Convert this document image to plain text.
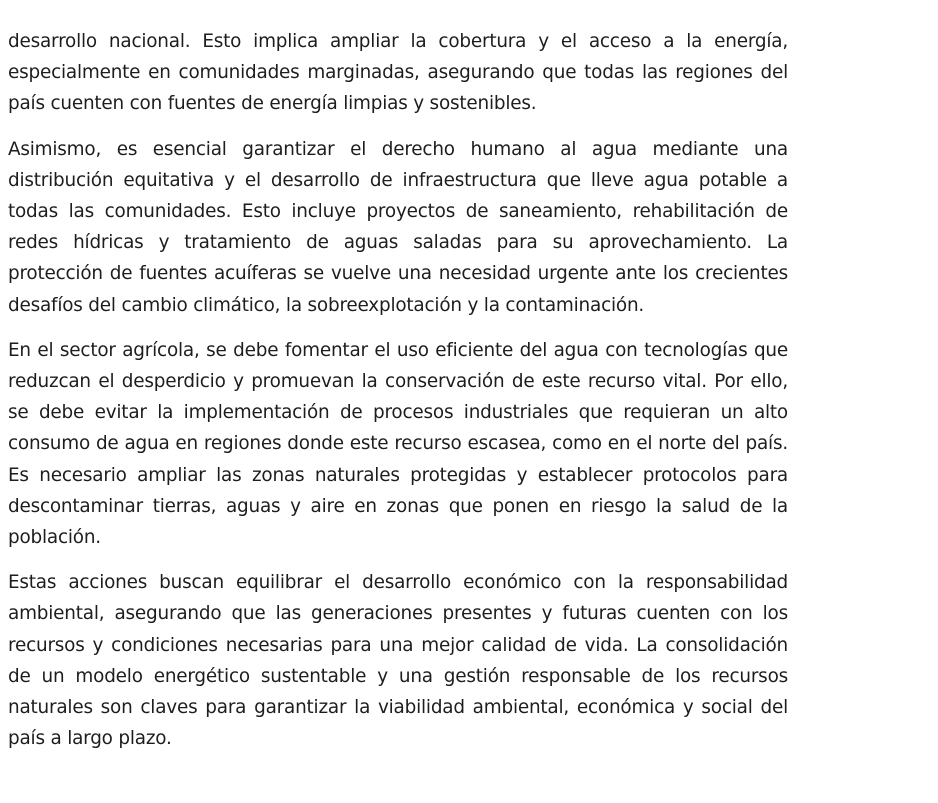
desarrollo nacional. Esto implica ampliar la cobertura y el acceso a la energía, especialmente en comunidades marginadas, asegurando que todas las regiones del país cuenten con fuentes de energía limpias y sostenibles.

Asimismo, es esencial garantizar el derecho humano al agua mediante una distribución equitativa y el desarrollo de infraestructura que lleve agua potable a todas las comunidades. Esto incluye proyectos de saneamiento, rehabilitación de redes hídricas y tratamiento de aguas saladas para su aprovechamiento. La protección de fuentes acuíferas se vuelve una necesidad urgente ante los crecientes desafíos del cambio climático, la sobreexplotación y la contaminación.

En el sector agrícola, se debe fomentar el uso eficiente del agua con tecnologías que reduzcan el desperdicio y promuevan la conservación de este recurso vital. Por ello, se debe evitar la implementación de procesos industriales que requieran un alto consumo de agua en regiones donde este recurso escasea, como en el norte del país. Es necesario ampliar las zonas naturales protegidas y establecer protocolos para descontaminar tierras, aguas y aire en zonas que ponen en riesgo la salud de la población.

Estas acciones buscan equilibrar el desarrollo económico con la responsabilidad ambiental, asegurando que las generaciones presentes y futuras cuenten con los recursos y condiciones necesarias para una mejor calidad de vida. La consolidación de un modelo energético sustentable y una gestión responsable de los recursos naturales son claves para garantizar la viabilidad ambiental, económica y social del país a largo plazo.
